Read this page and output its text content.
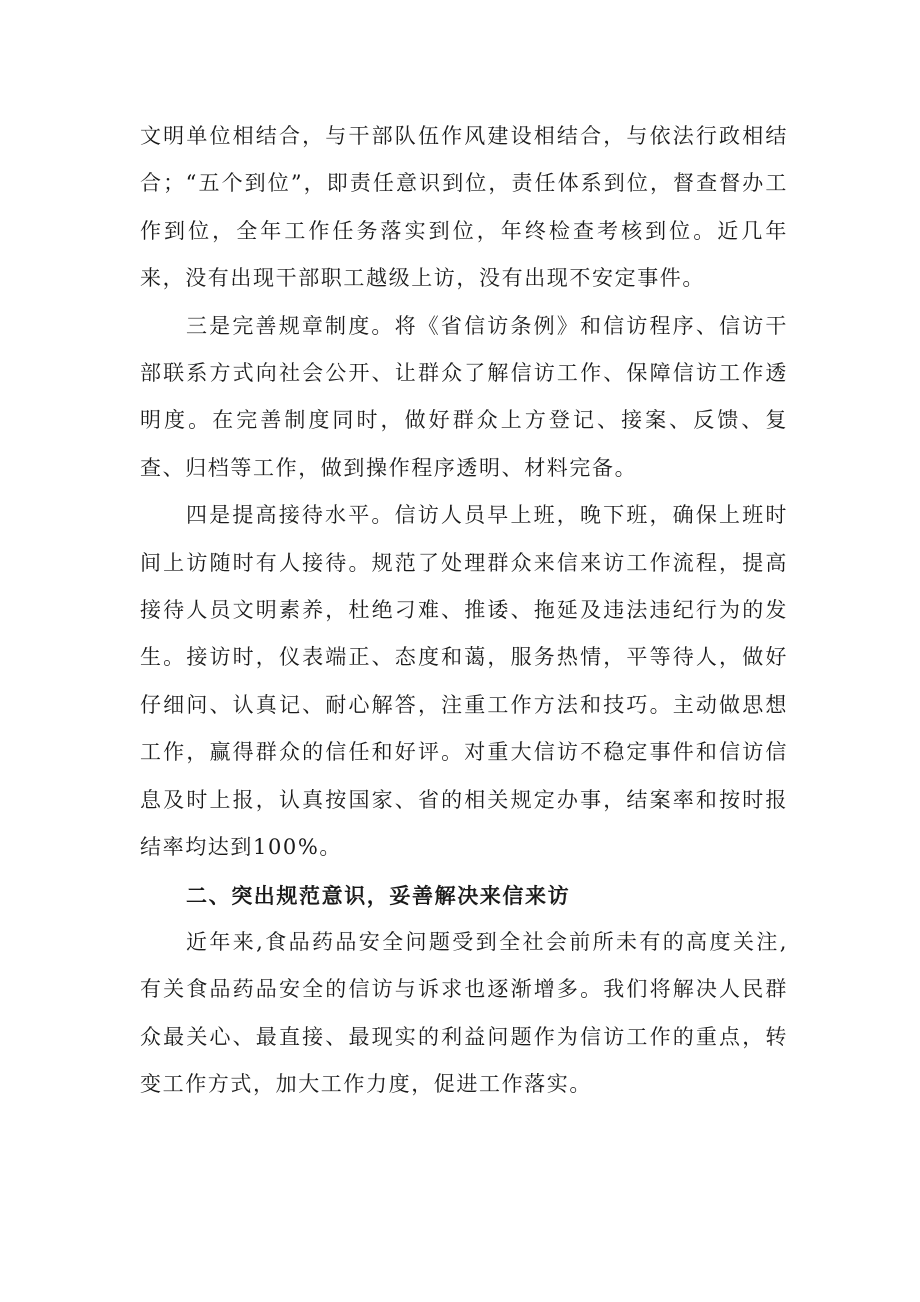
文明单位相结合，与干部队伍作风建设相结合，与依法行政相结合；“五个到位”，即责任意识到位，责任体系到位，督查督办工作到位，全年工作任务落实到位，年终检查考核到位。近几年来，没有出现干部职工越级上访，没有出现不安定事件。

三是完善规章制度。将《省信访条例》和信访程序、信访干部联系方式向社会公开、让群众了解信访工作、保障信访工作透明度。在完善制度同时，做好群众上方登记、接案、反馈、复查、归档等工作，做到操作程序透明、材料完备。

四是提高接待水平。信访人员早上班，晚下班，确保上班时间上访随时有人接待。规范了处理群众来信来访工作流程，提高接待人员文明素养，杜绝刁难、推诿、拖延及违法违纪行为的发生。接访时，仪表端正、态度和蔼，服务热情，平等待人，做好仔细问、认真记、耐心解答，注重工作方法和技巧。主动做思想工作，赢得群众的信任和好评。对重大信访不稳定事件和信访信息及时上报，认真按国家、省的相关规定办事，结案率和按时报结率均达到100%。

二、突出规范意识，妥善解决来信来访

近年来,食品药品安全问题受到全社会前所未有的高度关注,有关食品药品安全的信访与诉求也逐渐增多。我们将解决人民群众最关心、最直接、最现实的利益问题作为信访工作的重点，转变工作方式，加大工作力度，促进工作落实。
